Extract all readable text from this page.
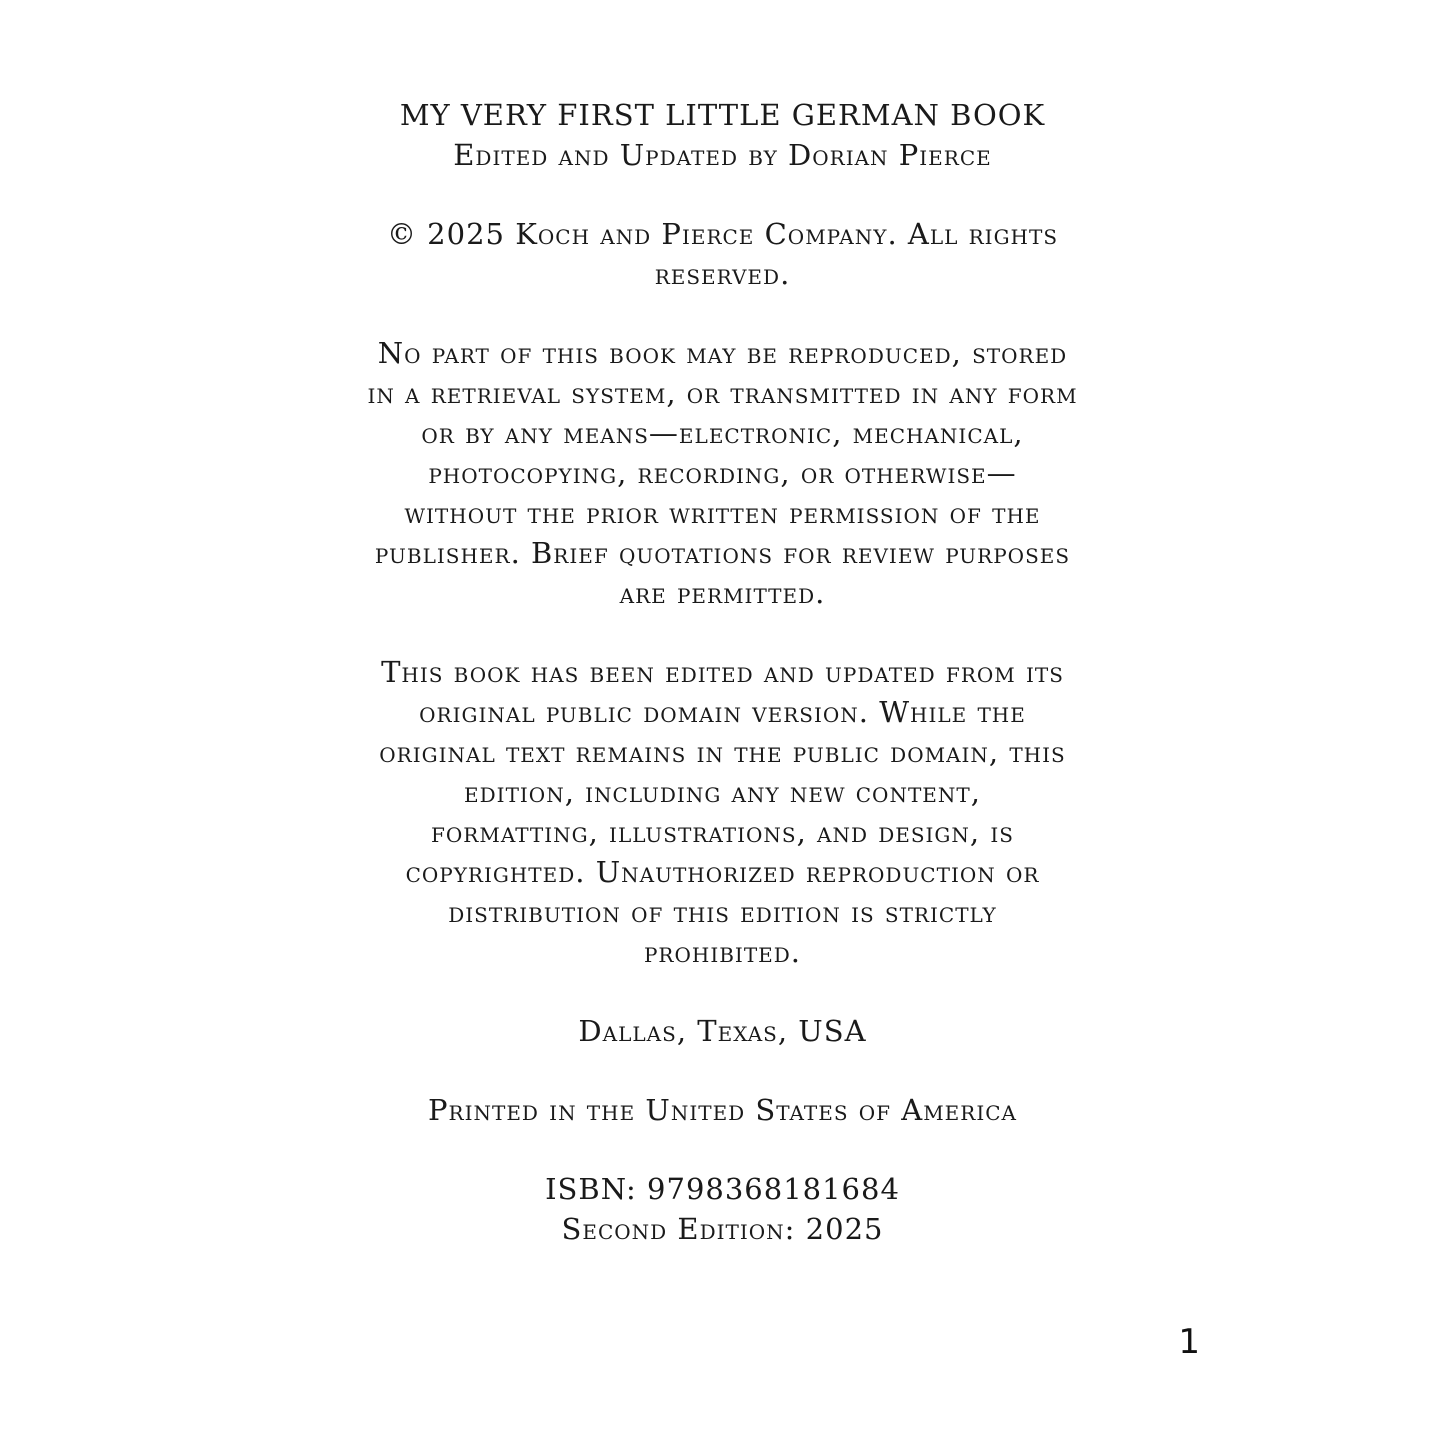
MY VERY FIRST LITTLE GERMAN BOOK
Edited and Updated by Dorian Pierce
© 2025 Koch and Pierce Company. All rights
reserved.
No part of this book may be reproduced, stored
in a retrieval system, or transmitted in any form
or by any means—electronic, mechanical,
photocopying, recording, or otherwise—
without the prior written permission of the
publisher. Brief quotations for review purposes
are permitted.
This book has been edited and updated from its
original public domain version. While the
original text remains in the public domain, this
edition, including any new content,
formatting, illustrations, and design, is
copyrighted. Unauthorized reproduction or
distribution of this edition is strictly
prohibited.
Dallas, Texas, USA
Printed in the United States of America
ISBN: 9798368181684
Second Edition: 2025
1
